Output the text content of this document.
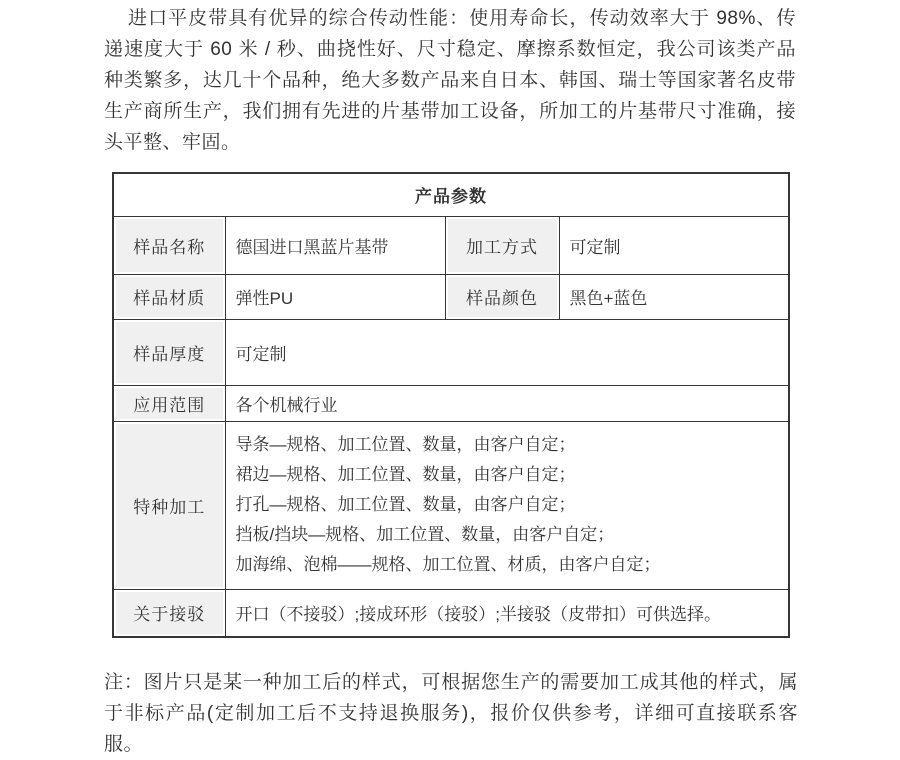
进口平皮带具有优异的综合传动性能：使用寿命长，传动效率大于 98%、传递速度大于 60 米 / 秒、曲挠性好、尺寸稳定、摩擦系数恒定，我公司该类产品种类繁多，达几十个品种，绝大多数产品来自日本、韩国、瑞士等国家著名皮带生产商所生产，我们拥有先进的片基带加工设备，所加工的片基带尺寸准确，接头平整、牢固。

产品参数			
样品名称	德国进口黑蓝片基带	加工方式	可定制
样品材质	弹性PU	样品颜色	黑色+蓝色
样品厚度	可定制		
应用范围	各个机械行业		
特种加工	导条—规格、加工位置、数量，由客户自定；
裙边—规格、加工位置、数量，由客户自定；
打孔—规格、加工位置、数量，由客户自定；
挡板/挡块—规格、加工位置、数量，由客户自定；
加海绵、泡棉——规格、加工位置、材质，由客户自定；		

关于接驳	开口（不接驳）;接成环形（接驳）;半接驳（皮带扣）可供选择。		

注：图片只是某一种加工后的样式，可根据您生产的需要加工成其他的样式，属于非标产品(定制加工后不支持退换服务)，报价仅供参考，详细可直接联系客服。
